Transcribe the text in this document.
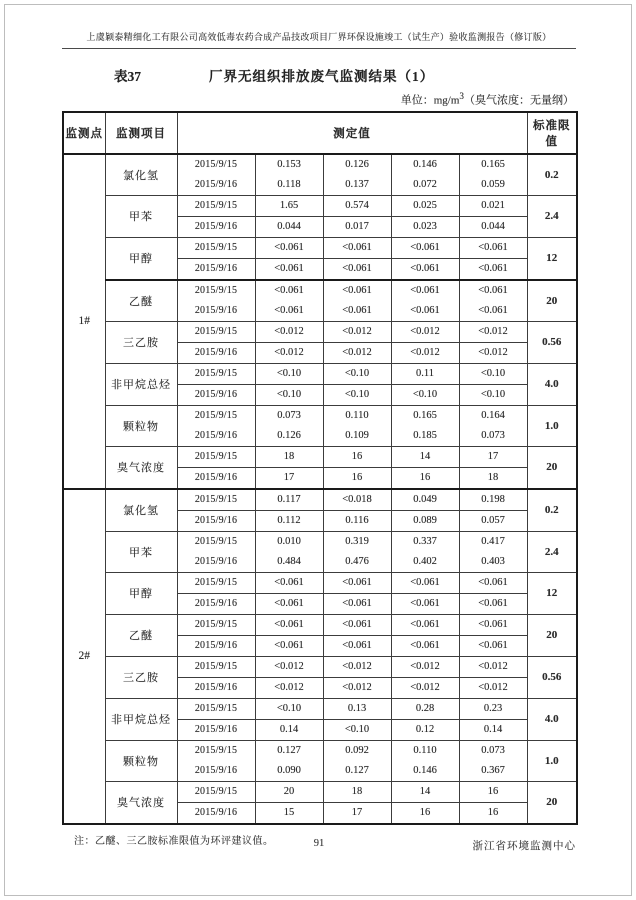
上虞颖泰精细化工有限公司高效低毒农药合成产品技改项目厂界环保设施竣工（试生产）验收监测报告（修订版）
表37	厂界无组织排放废气监测结果（1）
单位：$mg/m^3$（臭气浓度：无量纲）
监测点	监测项目	测定值					标准限值
1#	氯化氢	2015/9/15	0.153	0.126	0.146	0.165	0.2
		2015/9/16	0.118	0.137	0.072	0.059	
	甲苯	2015/9/15	1.65	0.574	0.025	0.021	2.4
		2015/9/16	0.044	0.017	0.023	0.044	
	甲醇	2015/9/15	<0.061	<0.061	<0.061	<0.061	12
		2015/9/16	<0.061	<0.061	<0.061	<0.061	
	乙醚	2015/9/15	<0.061	<0.061	<0.061	<0.061	20
		2015/9/16	<0.061	<0.061	<0.061	<0.061	
	三乙胺	2015/9/15	<0.012	<0.012	<0.012	<0.012	0.56
		2015/9/16	<0.012	<0.012	<0.012	<0.012	
	非甲烷总烃	2015/9/15	<0.10	<0.10	0.11	<0.10	4.0
		2015/9/16	<0.10	<0.10	<0.10	<0.10	
	颗粒物	2015/9/15	0.073	0.110	0.165	0.164	1.0
		2015/9/16	0.126	0.109	0.185	0.073	
	臭气浓度	2015/9/15	18	16	14	17	20
		2015/9/16	17	16	16	18	
2#	氯化氢	2015/9/15	0.117	<0.018	0.049	0.198	0.2
		2015/9/16	0.112	0.116	0.089	0.057	
	甲苯	2015/9/15	0.010	0.319	0.337	0.417	2.4
		2015/9/16	0.484	0.476	0.402	0.403	
	甲醇	2015/9/15	<0.061	<0.061	<0.061	<0.061	12
		2015/9/16	<0.061	<0.061	<0.061	<0.061	
	乙醚	2015/9/15	<0.061	<0.061	<0.061	<0.061	20
		2015/9/16	<0.061	<0.061	<0.061	<0.061	
	三乙胺	2015/9/15	<0.012	<0.012	<0.012	<0.012	0.56
		2015/9/16	<0.012	<0.012	<0.012	<0.012	
	非甲烷总烃	2015/9/15	<0.10	0.13	0.28	0.23	4.0
		2015/9/16	0.14	<0.10	0.12	0.14	
	颗粒物	2015/9/15	0.127	0.092	0.110	0.073	1.0
		2015/9/16	0.090	0.127	0.146	0.367	
	臭气浓度	2015/9/15	20	18	14	16	20
		2015/9/16	15	17	16	16	
注：乙醚、三乙胺标准限值为环评建议值。	91	浙江省环境监测中心
